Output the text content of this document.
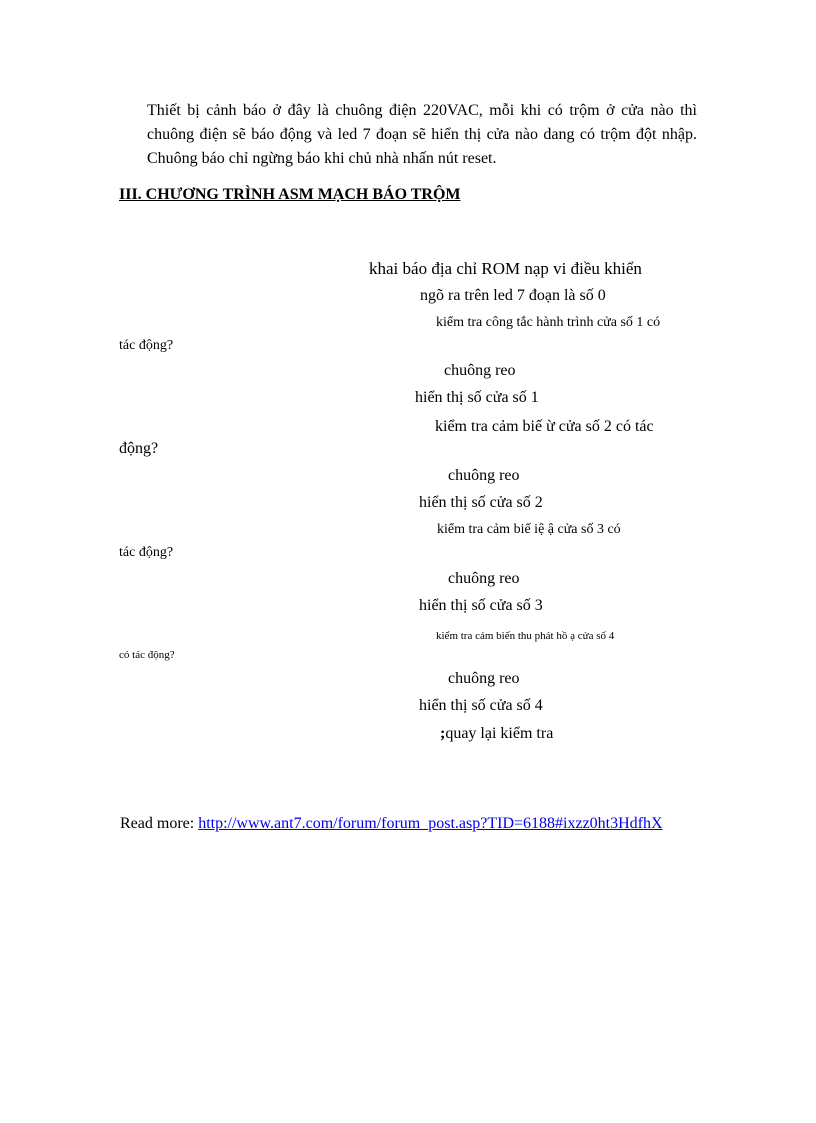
Thiết bị cảnh báo ở đây là chuông điện 220VAC, mỗi khi có trộm ở cửa nào thì chuông điện sẽ báo động và led 7 đoạn sẽ hiển thị cửa nào dang có trộm đột nhập. Chuông báo chỉ ngừng báo khi chủ nhà nhấn nút reset.
III. CHƯƠNG TRÌNH ASM MẠCH BÁO TRỘM
khai báo địa chỉ ROM nạp vi điều khiển
ngõ ra trên led 7 đoạn là số 0
kiểm tra công tắc hành trình cửa số 1 có
tác động?
chuông reo
hiển thị số cửa số 1
kiểm tra cảm biế ừ cửa số 2 có tác
động?
chuông reo
hiển thị số cửa số 2
kiểm tra cảm biế iệ ậ cửa số 3 có
tác động?
chuông reo
hiển thị số cửa số 3
kiểm tra cảm biến thu phát hồ ạ cửa số 4
có tác động?
chuông reo
hiển thị số cửa số 4
;quay lại kiểm tra
Read more: http://www.ant7.com/forum/forum_post.asp?TID=6188#ixzz0ht3HdfhX
